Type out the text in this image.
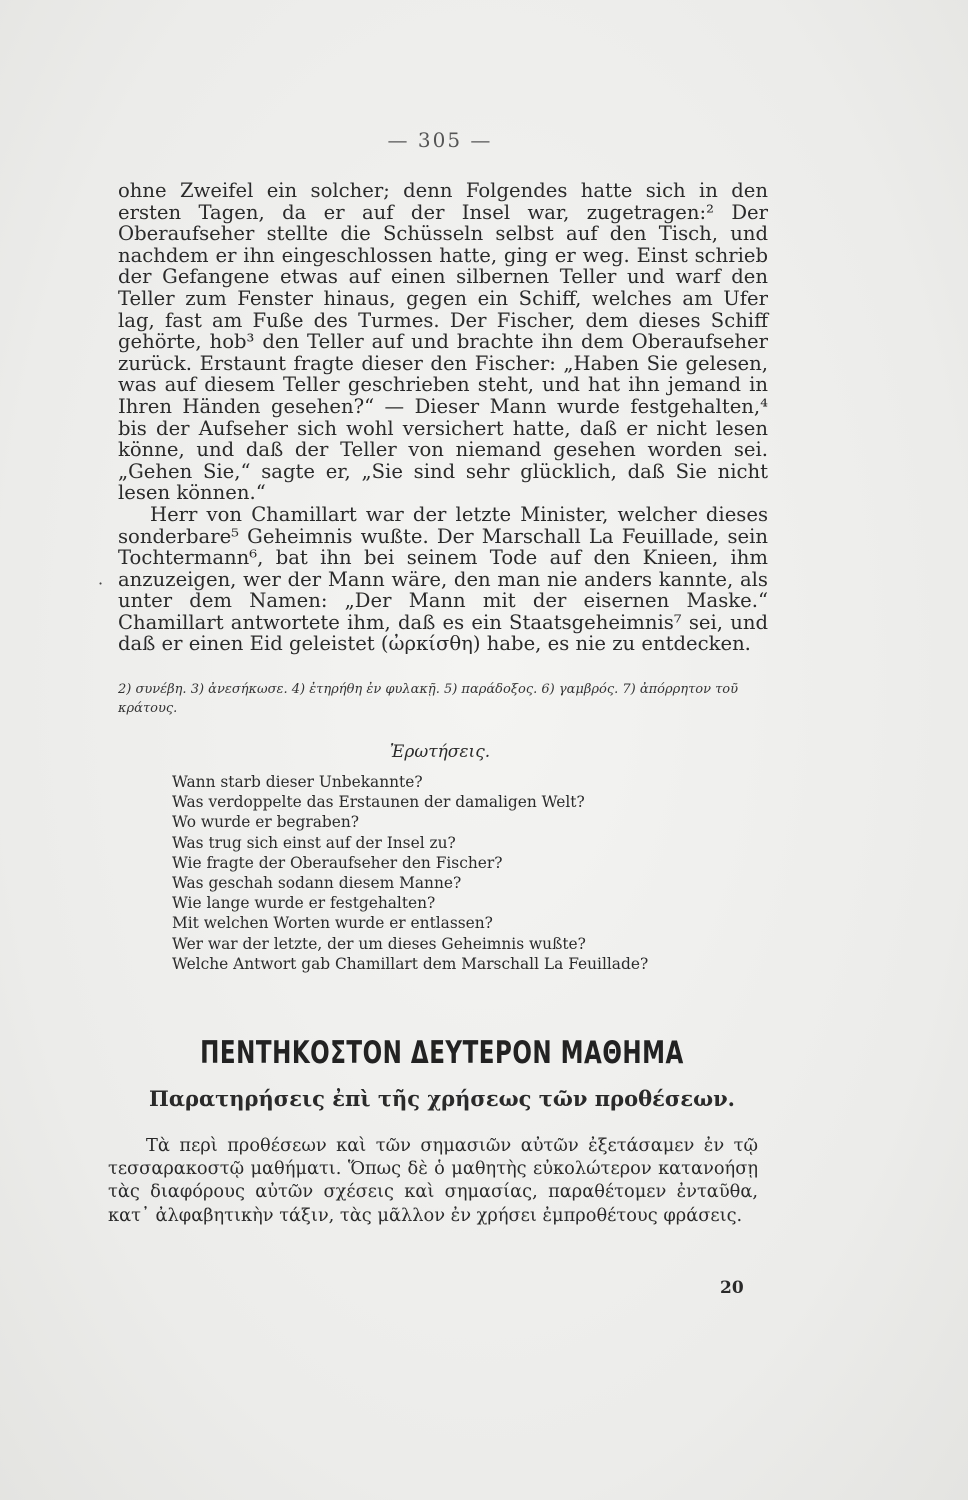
— 305 —

ohne Zweifel ein solcher; denn Folgendes hatte sich in den ersten Tagen, da er auf der Insel war, zugetragen:² Der Oberaufseher stellte die Schüsseln selbst auf den Tisch, und nachdem er ihn eingeschlossen hatte, ging er weg. Einst schrieb der Gefangene etwas auf einen silbernen Teller und warf den Teller zum Fenster hinaus, gegen ein Schiff, welches am Ufer lag, fast am Fuße des Turmes. Der Fischer, dem dieses Schiff gehörte, hob³ den Teller auf und brachte ihn dem Oberaufseher zurück. Erstaunt fragte dieser den Fischer: „Haben Sie gelesen, was auf diesem Teller geschrieben steht, und hat ihn jemand in Ihren Händen gesehen?“ — Dieser Mann wurde festgehalten,⁴ bis der Aufseher sich wohl versichert hatte, daß er nicht lesen könne, und daß der Teller von niemand gesehen worden sei. „Gehen Sie,“ sagte er, „Sie sind sehr glücklich, daß Sie nicht lesen können.“

Herr von Chamillart war der letzte Minister, welcher dieses sonderbare⁵ Geheimnis wußte. Der Marschall La Feuillade, sein Tochtermann⁶, bat ihn bei seinem Tode auf den Knieen, ihm anzuzeigen, wer der Mann wäre, den man nie anders kannte, als unter dem Namen: „Der Mann mit der eisernen Maske.“ Chamillart antwortete ihm, daß es ein Staatsgeheimnis⁷ sei, und daß er einen Eid geleistet (ὠρκίσθη) habe, es nie zu entdecken.

·

2) συνέβη. 3) ἀνεσήκωσε. 4) ἐτηρήθη ἐν φυλακῇ. 5) παράδοξος. 6) γαμβρός. 7) ἀπόρρητον τοῦ κράτους.

Ἐρωτήσεις.

Wann starb dieser Unbekannte?
Was verdoppelte das Erstaunen der damaligen Welt?
Wo wurde er begraben?
Was trug sich einst auf der Insel zu?
Wie fragte der Oberaufseher den Fischer?
Was geschah sodann diesem Manne?
Wie lange wurde er festgehalten?
Mit welchen Worten wurde er entlassen?
Wer war der letzte, der um dieses Geheimnis wußte?
Welche Antwort gab Chamillart dem Marschall La Feuillade?
ΠΕΝΤΗΚΟΣΤΟΝ ΔΕΥΤΕΡΟΝ ΜΑΘΗΜΑ
Παρατηρήσεις ἐπὶ τῆς χρήσεως τῶν προθέσεων.

Τὰ περὶ προθέσεων καὶ τῶν σημασιῶν αὐτῶν ἐξετάσαμεν ἐν τῷ τεσσαρακοστῷ μαθήματι. Ὅπως δὲ ὁ μαθητὴς εὐκολώτερον κατανοήσῃ τὰς διαφόρους αὐτῶν σχέσεις καὶ σημασίας, παραθέτομεν ἐνταῦθα, κατ᾽ ἀλφαβητικὴν τάξιν, τὰς μᾶλλον ἐν χρήσει ἐμπροθέτους φράσεις.

20
